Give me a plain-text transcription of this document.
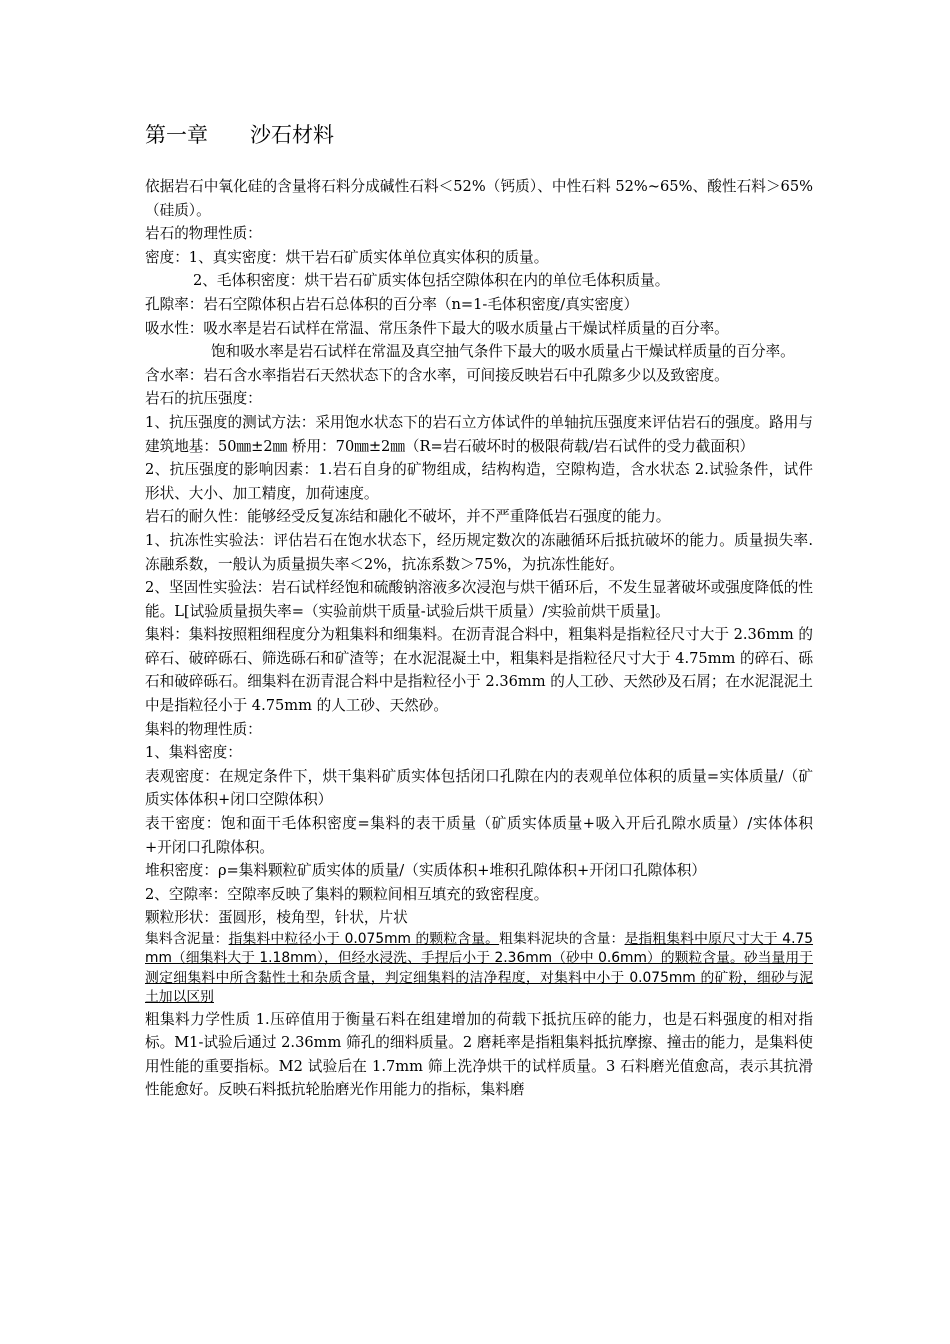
第一章　　沙石材料

依据岩石中氧化硅的含量将石料分成碱性石料＜52%（钙质）、中性石料 52%~65%、酸性石料＞65%（硅质）。

岩石的物理性质：

密度：1、真实密度：烘干岩石矿质实体单位真实体积的质量。

2、毛体积密度：烘干岩石矿质实体包括空隙体积在内的单位毛体积质量。

孔隙率：岩石空隙体积占岩石总体积的百分率（n=1-毛体积密度/真实密度）

吸水性：吸水率是岩石试样在常温、常压条件下最大的吸水质量占干燥试样质量的百分率。

饱和吸水率是岩石试样在常温及真空抽气条件下最大的吸水质量占干燥试样质量的百分率。

含水率：岩石含水率指岩石天然状态下的含水率，可间接反映岩石中孔隙多少以及致密度。

岩石的抗压强度：

1、抗压强度的测试方法：采用饱水状态下的岩石立方体试件的单轴抗压强度来评估岩石的强度。路用与建筑地基：50㎜±2㎜ 桥用：70㎜±2㎜（R=岩石破坏时的极限荷载/岩石试件的受力截面积）

2、抗压强度的影响因素：1.岩石自身的矿物组成，结构构造，空隙构造，含水状态 2.试验条件，试件形状、大小、加工精度，加荷速度。

岩石的耐久性：能够经受反复冻结和融化不破坏，并不严重降低岩石强度的能力。

1、抗冻性实验法：评估岩石在饱水状态下，经历规定数次的冻融循环后抵抗破坏的能力。质量损失率.冻融系数，一般认为质量损失率＜2%，抗冻系数＞75%，为抗冻性能好。

2、坚固性实验法：岩石试样经饱和硫酸钠溶液多次浸泡与烘干循环后，不发生显著破坏或强度降低的性能。L[试验质量损失率=（实验前烘干质量-试验后烘干质量）/实验前烘干质量]。

集料：集料按照粗细程度分为粗集料和细集料。在沥青混合料中，粗集料是指粒径尺寸大于 2.36mm 的碎石、破碎砾石、筛选砾石和矿渣等；在水泥混凝土中，粗集料是指粒径尺寸大于 4.75mm 的碎石、砾石和破碎砾石。细集料在沥青混合料中是指粒径小于 2.36mm 的人工砂、天然砂及石屑；在水泥混泥土中是指粒径小于 4.75mm 的人工砂、天然砂。

集料的物理性质：

1、集料密度：

表观密度：在规定条件下，烘干集料矿质实体包括闭口孔隙在内的表观单位体积的质量=实体质量/（矿质实体体积+闭口空隙体积）

表干密度：饱和面干毛体积密度=集料的表干质量（矿质实体质量+吸入开后孔隙水质量）/实体体积+开闭口孔隙体积。

堆积密度：ρ=集料颗粒矿质实体的质量/（实质体积+堆积孔隙体积+开闭口孔隙体积）

2、空隙率：空隙率反映了集料的颗粒间相互填充的致密程度。

颗粒形状：蛋圆形，棱角型，针状，片状

集料含泥量：指集料中粒径小于 0.075mm 的颗粒含量。粗集料泥块的含量：是指粗集料中原尺寸大于 4.75mm（细集料大于 1.18mm），但经水浸洗、手捏后小于 2.36mm（砂中 0.6mm）的颗粒含量。砂当量用于测定细集料中所含黏性土和杂质含量，判定细集料的洁净程度，对集料中小于 0.075mm 的矿粉，细砂与泥土加以区别

粗集料力学性质 1.压碎值用于衡量石料在组建增加的荷载下抵抗压碎的能力，也是石料强度的相对指标。M1-试验后通过 2.36mm 筛孔的细料质量。2 磨耗率是指粗集料抵抗摩擦、撞击的能力，是集料使用性能的重要指标。M2 试验后在 1.7mm 筛上洗净烘干的试样质量。3 石料磨光值愈高，表示其抗滑性能愈好。反映石料抵抗轮胎磨光作用能力的指标，集料磨
